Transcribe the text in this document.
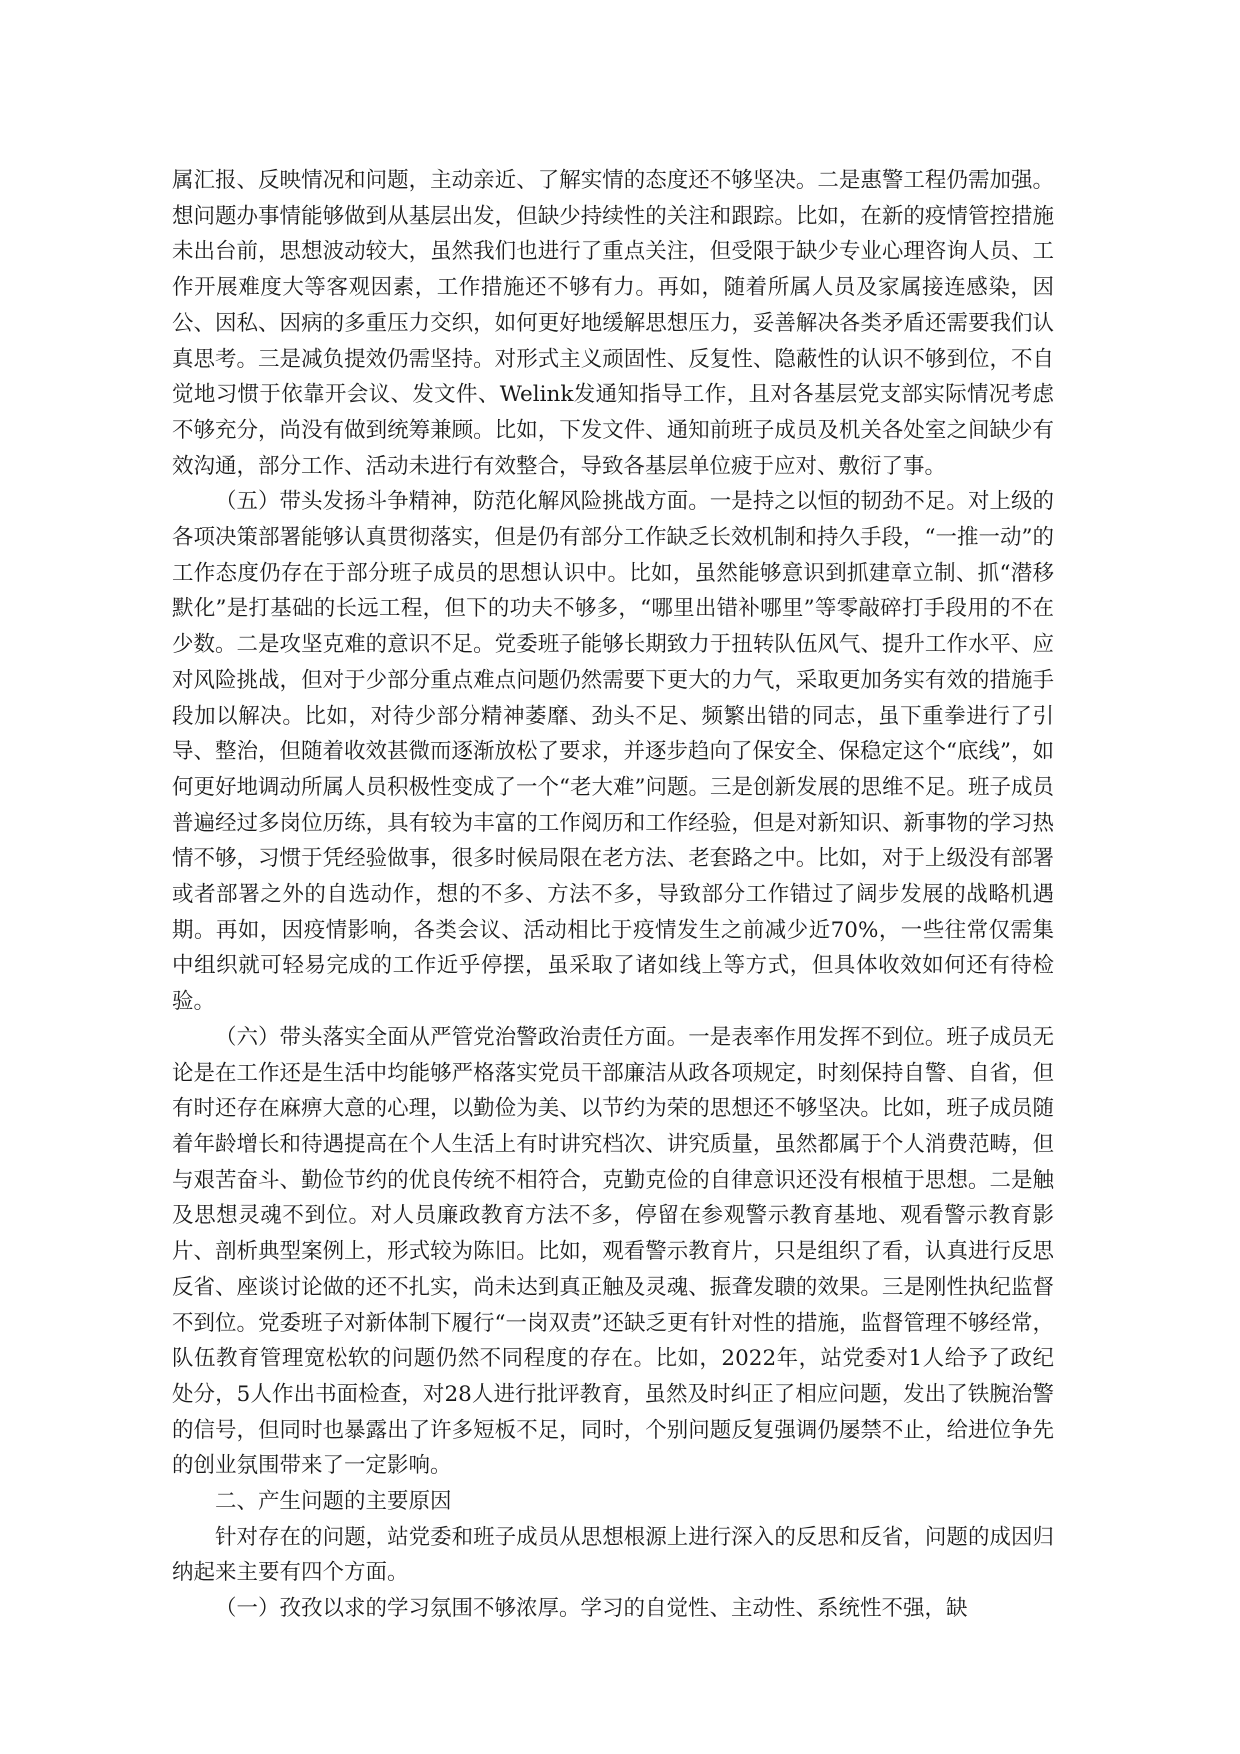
属汇报、反映情况和问题，主动亲近、了解实情的态度还不够坚决。二是惠警工程仍需加强。想问题办事情能够做到从基层出发，但缺少持续性的关注和跟踪。比如，在新的疫情管控措施未出台前，思想波动较大，虽然我们也进行了重点关注，但受限于缺少专业心理咨询人员、工作开展难度大等客观因素，工作措施还不够有力。再如，随着所属人员及家属接连感染，因公、因私、因病的多重压力交织，如何更好地缓解思想压力，妥善解决各类矛盾还需要我们认真思考。三是减负提效仍需坚持。对形式主义顽固性、反复性、隐蔽性的认识不够到位，不自觉地习惯于依靠开会议、发文件、Welink发通知指导工作，且对各基层党支部实际情况考虑不够充分，尚没有做到统筹兼顾。比如，下发文件、通知前班子成员及机关各处室之间缺少有效沟通，部分工作、活动未进行有效整合，导致各基层单位疲于应对、敷衍了事。

（五）带头发扬斗争精神，防范化解风险挑战方面。一是持之以恒的韧劲不足。对上级的各项决策部署能够认真贯彻落实，但是仍有部分工作缺乏长效机制和持久手段，“一推一动”的工作态度仍存在于部分班子成员的思想认识中。比如，虽然能够意识到抓建章立制、抓“潜移默化”是打基础的长远工程，但下的功夫不够多，“哪里出错补哪里”等零敲碎打手段用的不在少数。二是攻坚克难的意识不足。党委班子能够长期致力于扭转队伍风气、提升工作水平、应对风险挑战，但对于少部分重点难点问题仍然需要下更大的力气，采取更加务实有效的措施手段加以解决。比如，对待少部分精神萎靡、劲头不足、频繁出错的同志，虽下重拳进行了引导、整治，但随着收效甚微而逐渐放松了要求，并逐步趋向了保安全、保稳定这个“底线”，如何更好地调动所属人员积极性变成了一个“老大难”问题。三是创新发展的思维不足。班子成员普遍经过多岗位历练，具有较为丰富的工作阅历和工作经验，但是对新知识、新事物的学习热情不够，习惯于凭经验做事，很多时候局限在老方法、老套路之中。比如，对于上级没有部署或者部署之外的自选动作，想的不多、方法不多，导致部分工作错过了阔步发展的战略机遇期。再如，因疫情影响，各类会议、活动相比于疫情发生之前减少近70%，一些往常仅需集中组织就可轻易完成的工作近乎停摆，虽采取了诸如线上等方式，但具体收效如何还有待检验。

（六）带头落实全面从严管党治警政治责任方面。一是表率作用发挥不到位。班子成员无论是在工作还是生活中均能够严格落实党员干部廉洁从政各项规定，时刻保持自警、自省，但有时还存在麻痹大意的心理，以勤俭为美、以节约为荣的思想还不够坚决。比如，班子成员随着年龄增长和待遇提高在个人生活上有时讲究档次、讲究质量，虽然都属于个人消费范畴，但与艰苦奋斗、勤俭节约的优良传统不相符合，克勤克俭的自律意识还没有根植于思想。二是触及思想灵魂不到位。对人员廉政教育方法不多，停留在参观警示教育基地、观看警示教育影片、剖析典型案例上，形式较为陈旧。比如，观看警示教育片，只是组织了看，认真进行反思反省、座谈讨论做的还不扎实，尚未达到真正触及灵魂、振聋发聩的效果。三是刚性执纪监督不到位。党委班子对新体制下履行“一岗双责”还缺乏更有针对性的措施，监督管理不够经常，队伍教育管理宽松软的问题仍然不同程度的存在。比如，2022年，站党委对1人给予了政纪处分，5人作出书面检查，对28人进行批评教育，虽然及时纠正了相应问题，发出了铁腕治警的信号，但同时也暴露出了许多短板不足，同时，个别问题反复强调仍屡禁不止，给进位争先的创业氛围带来了一定影响。

二、产生问题的主要原因

针对存在的问题，站党委和班子成员从思想根源上进行深入的反思和反省，问题的成因归纳起来主要有四个方面。

（一）孜孜以求的学习氛围不够浓厚。学习的自觉性、主动性、系统性不强，缺
